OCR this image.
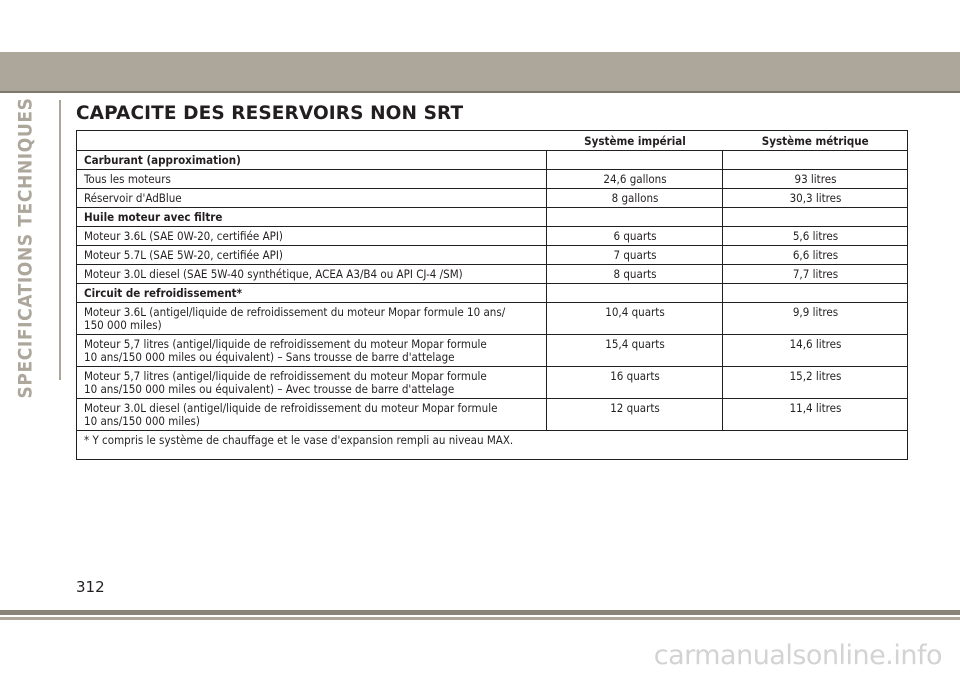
SPECIFICATIONS TECHNIQUES CAPACITE DES RESERVOIRS NON SRT
	Système impérial	Système métrique
Carburant (approximation)		
Tous les moteurs	24,6 gallons	93 litres
Réservoir d'AdBlue	8 gallons	30,3 litres
Huile moteur avec filtre		
Moteur 3.6L (SAE 0W-20, certifiée API)	6 quarts	5,6 litres
Moteur 5.7L (SAE 5W-20, certifiée API)	7 quarts	6,6 litres
Moteur 3.0L diesel (SAE 5W-40 synthétique, ACEA A3/B4 ou API CJ-4 /SM)	8 quarts	7,7 litres
Circuit de refroidissement*		

Moteur 3.6L (antigel/liquide de refroidissement du moteur Mopar formule 10 ans/
150 000 miles)	10,4 quarts	9,9 litres

Moteur 5,7 litres (antigel/liquide de refroidissement du moteur Mopar formule
10 ans/150 000 miles ou équivalent) – Sans trousse de barre d'attelage	15,4 quarts	14,6 litres

Moteur 5,7 litres (antigel/liquide de refroidissement du moteur Mopar formule
10 ans/150 000 miles ou équivalent) – Avec trousse de barre d'attelage	16 quarts	15,2 litres

Moteur 3.0L diesel (antigel/liquide de refroidissement du moteur Mopar formule
10 ans/150 000 miles)	12 quarts	11,4 litres
* Y compris le système de chauffage et le vase d'expansion rempli au niveau MAX.		
312
carmanualsonline.info
